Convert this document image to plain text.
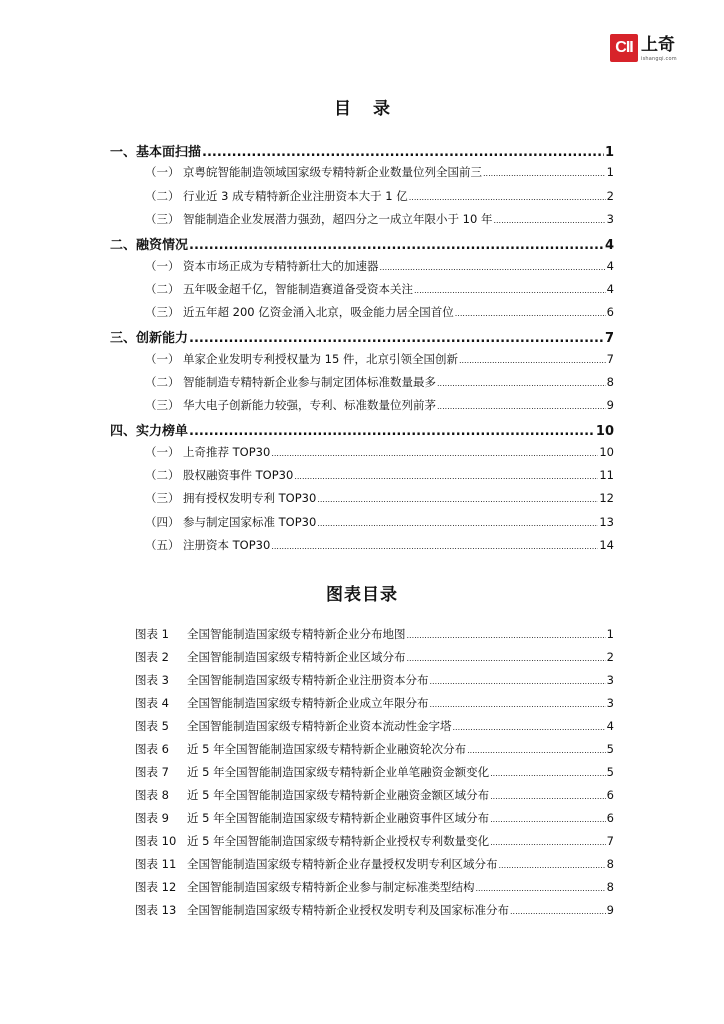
CII 上奇
ishangqi.com
目 录
一、基本面扫描 .....	1
（一） 京粤皖智能制造领域国家级专精特新企业数量位列全国前三 .....	1
（二） 行业近 3 成专精特新企业注册资本大于 1 亿 .....	2
（三） 智能制造企业发展潜力强劲，超四分之一成立年限小于 10 年 .....	3
二、融资情况 .....	4
（一） 资本市场正成为专精特新壮大的加速器 .....	4
（二） 五年吸金超千亿，智能制造赛道备受资本关注 .....	4
（三） 近五年超 200 亿资金涌入北京，吸金能力居全国首位 .....	6
三、创新能力 .....	7
（一） 单家企业发明专利授权量为 15 件，北京引领全国创新 .....	7
（二） 智能制造专精特新企业参与制定团体标准数量最多 .....	8
（三） 华大电子创新能力较强，专利、标准数量位列前茅 .....	9
四、实力榜单 .....	10
（一） 上奇推荐 TOP30 .....	10
（二） 股权融资事件 TOP30 .....	11
（三） 拥有授权发明专利 TOP30 .....	12
（四） 参与制定国家标准 TOP30 .....	13
（五） 注册资本 TOP30 .....	14
图表目录
图表 1 全国智能制造国家级专精特新企业分布地图 .....	1
图表 2 全国智能制造国家级专精特新企业区域分布 .....	2
图表 3 全国智能制造国家级专精特新企业注册资本分布 .....	3
图表 4 全国智能制造国家级专精特新企业成立年限分布 .....	3
图表 5 全国智能制造国家级专精特新企业资本流动性金字塔 .....	4
图表 6 近 5 年全国智能制造国家级专精特新企业融资轮次分布 .....	5
图表 7 近 5 年全国智能制造国家级专精特新企业单笔融资金额变化 .....	5
图表 8 近 5 年全国智能制造国家级专精特新企业融资金额区域分布 .....	6
图表 9 近 5 年全国智能制造国家级专精特新企业融资事件区域分布 .....	6
图表 10 近 5 年全国智能制造国家级专精特新企业授权专利数量变化 .....	7
图表 11 全国智能制造国家级专精特新企业存量授权发明专利区域分布 .....	8
图表 12 全国智能制造国家级专精特新企业参与制定标准类型结构 .....	8
图表 13 全国智能制造国家级专精特新企业授权发明专利及国家标准分布 .....	9
